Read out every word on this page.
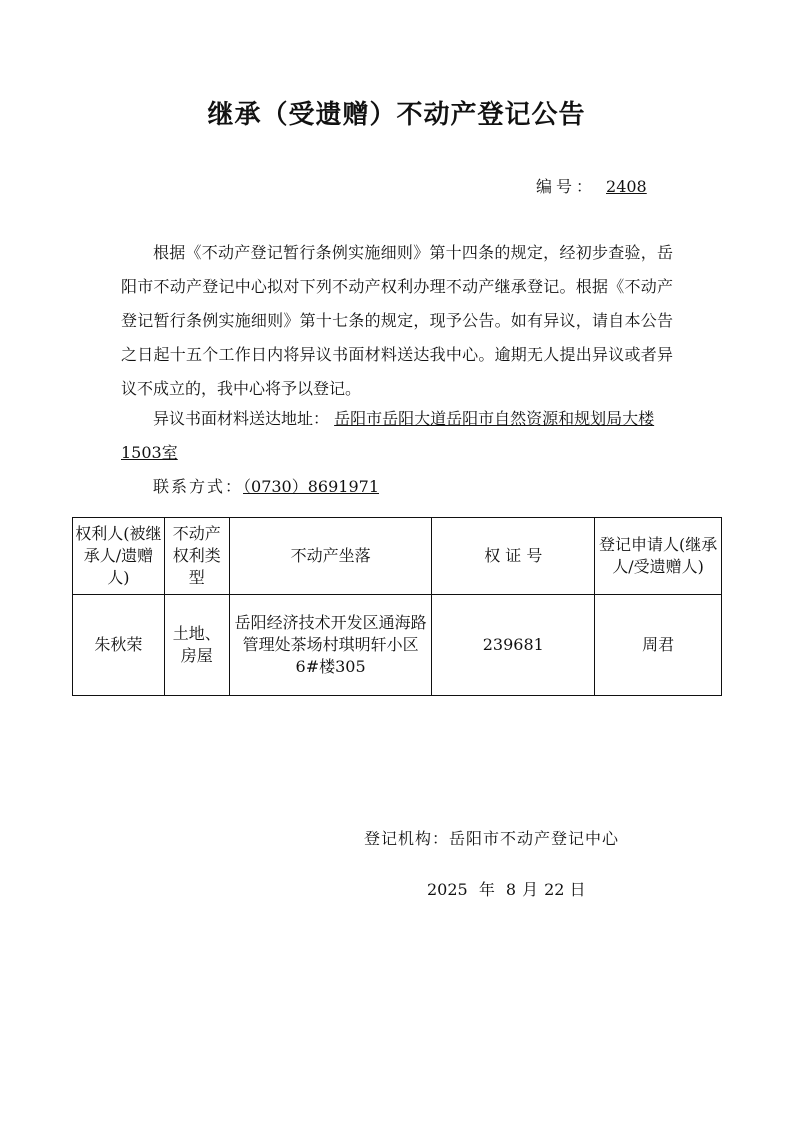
继承（受遗赠）不动产登记公告
编号： 2408

根据《不动产登记暂行条例实施细则》第十四条的规定，经初步查验，岳阳市不动产登记中心拟对下列不动产权利办理不动产继承登记。根据《不动产登记暂行条例实施细则》第十七条的规定，现予公告。如有异议，请自本公告之日起十五个工作日内将异议书面材料送达我中心。逾期无人提出异议或者异议不成立的，我中心将予以登记。

异议书面材料送达地址： 岳阳市岳阳大道岳阳市自然资源和规划局大楼1503室
联系方式：（0730）8691971
权利人(被继承人/遗赠人)	不动产权利类型	不动产坐落	权 证 号	登记申请人(继承人/受遗赠人)
朱秋荣	土地、房屋	岳阳经济技术开发区通海路管理处茶场村琪明轩小区6#楼305	239681	周君
登记机构：岳阳市不动产登记中心
2025 年 8 月 22 日
